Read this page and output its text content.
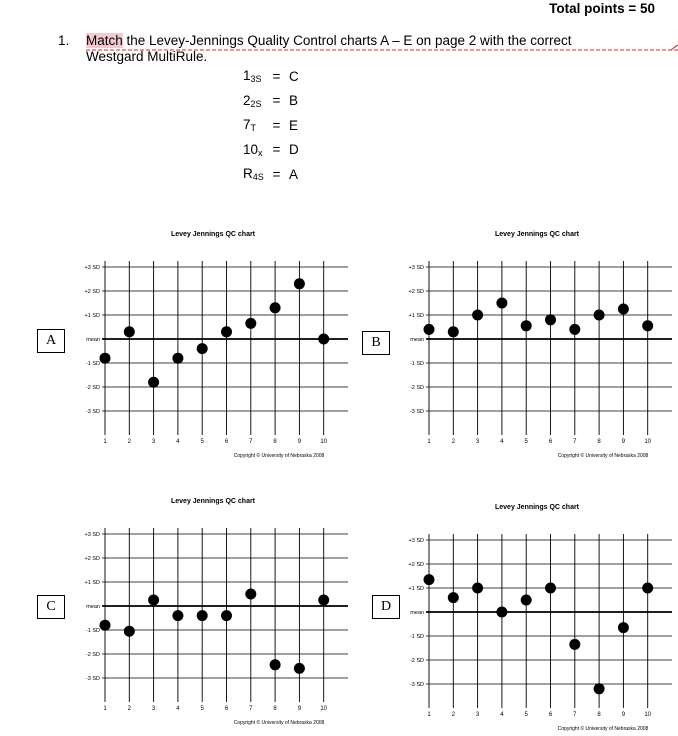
Total points = 50
1. Match the Levey-Jennings Quality Control charts A – E on page 2 with the correct
Westgard MultiRule.
$1_{3S} = C$
$2_{2S} = B$
$7_T$	= E
$10_x = D$
$R_{4S} = A$
Levey Jennings QC chart
+3 SD
+2 SD
+1 SD
mean
-1 SD
-2 SD
-3 SD
1	2	3	4	5	6	7	8	9	10
Copyright © University of Nebraska 2008
Levey Jennings QC chart
+3 SD
+2 SD
+1 SD
mean
-1 SD
-2 SD
-3 SD
1	2	3	4	5	6	7	8	9	10
Copyright © University of Nebraska 2008
Levey Jennings QC chart
+3 SD
+2 SD
+1 SD
mean
-1 SD
-2 SD
-3 SD
1	2	3	4	5	6	7	8	9	10
Copyright © University of Nebraska 2008
Levey Jennings QC chart
+3 SD
+2 SD
+1 SD
mean
-1 SD
-2 SD
-3 SD
1	2	3	4	5	6	7	8	9	10
Copyright © University of Nebraska 2008
A	B
C	D
